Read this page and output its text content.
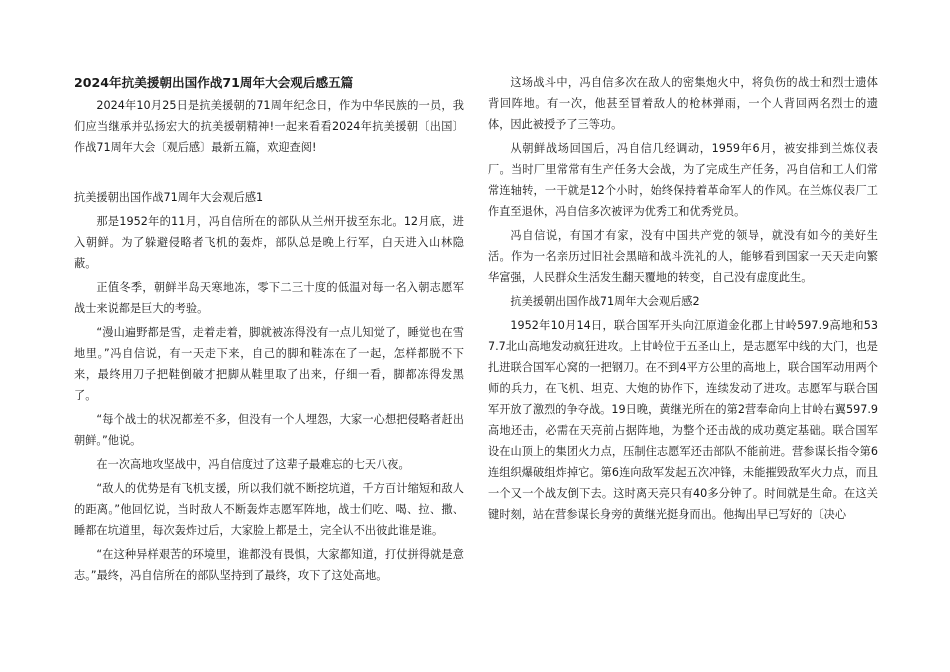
2024年抗美援朝出国作战71周年大会观后感五篇
2024年10月25日是抗美援朝的71周年纪念日，作为中华民族的一员，我们应当继承并弘扬宏大的抗美援朝精神!一起来看看2024年抗美援朝〔出国〕作战71周年大会〔观后感〕最新五篇，欢迎查阅!
抗美援朝出国作战71周年大会观后感1
那是1952年的11月，冯自信所在的部队从兰州开拔至东北。12月底，进入朝鲜。为了躲避侵略者飞机的轰炸，部队总是晚上行军，白天进入山林隐蔽。
正值冬季，朝鲜半岛天寒地冻，零下二三十度的低温对每一名入朝志愿军战士来说都是巨大的考验。
“漫山遍野都是雪，走着走着，脚就被冻得没有一点儿知觉了，睡觉也在雪地里。”冯自信说，有一天走下来，自己的脚和鞋冻在了一起，怎样都脱不下来，最终用刀子把鞋倒破才把脚从鞋里取了出来，仔细一看，脚都冻得发黑了。
“每个战士的状况都差不多，但没有一个人埋怨，大家一心想把侵略者赶出朝鲜。”他说。
在一次高地攻坚战中，冯自信度过了这辈子最难忘的七天八夜。
“敌人的优势是有飞机支援，所以我们就不断挖坑道，千方百计缩短和敌人的距离。”他回忆说，当时敌人不断轰炸志愿军阵地，战士们吃、喝、拉、撒、睡都在坑道里，每次轰炸过后，大家脸上都是土，完全认不出彼此谁是谁。
“在这种异样艰苦的环境里，谁都没有畏惧，大家都知道，打仗拼得就是意志。”最终，冯自信所在的部队坚持到了最终，攻下了这处高地。
这场战斗中，冯自信多次在敌人的密集炮火中，将负伤的战士和烈士遗体背回阵地。有一次，他甚至冒着敌人的枪林弹雨，一个人背回两名烈士的遗体，因此被授予了三等功。
从朝鲜战场回国后，冯自信几经调动，1959年6月，被安排到兰炼仪表厂。当时厂里常常有生产任务大会战，为了完成生产任务，冯自信和工人们常常连轴转，一干就是12个小时，始终保持着革命军人的作风。在兰炼仪表厂工作直至退休，冯自信多次被评为优秀工和优秀党员。
冯自信说，有国才有家，没有中国共产党的领导，就没有如今的美好生活。作为一名亲历过旧社会黑暗和战斗洗礼的人，能够看到国家一天天走向繁华富强，人民群众生活发生翻天覆地的转变，自己没有虚度此生。
抗美援朝出国作战71周年大会观后感2
1952年10月14日，联合国军开头向江原道金化郡上甘岭597.9高地和537.7北山高地发动疯狂进攻。上甘岭位于五圣山上，是志愿军中线的大门，也是扎进联合国军心窝的一把钢刀。在不到4平方公里的高地上，联合国军动用两个师的兵力，在飞机、坦克、大炮的协作下，连续发动了进攻。志愿军与联合国军开放了激烈的争夺战。19日晚，黄继光所在的第2营奉命向上甘岭右翼597.9高地还击，必需在天亮前占据阵地，为整个还击战的成功奠定基础。联合国军设在山顶上的集团火力点，压制住志愿军还击部队不能前进。营参谋长指令第6连组织爆破组炸掉它。第6连向敌军发起五次冲锋，未能摧毁敌军火力点，而且一个又一个战友倒下去。这时离天亮只有40多分钟了。时间就是生命。在这关键时刻，站在营参谋长身旁的黄继光挺身而出。他掏出早已写好的〔决心
